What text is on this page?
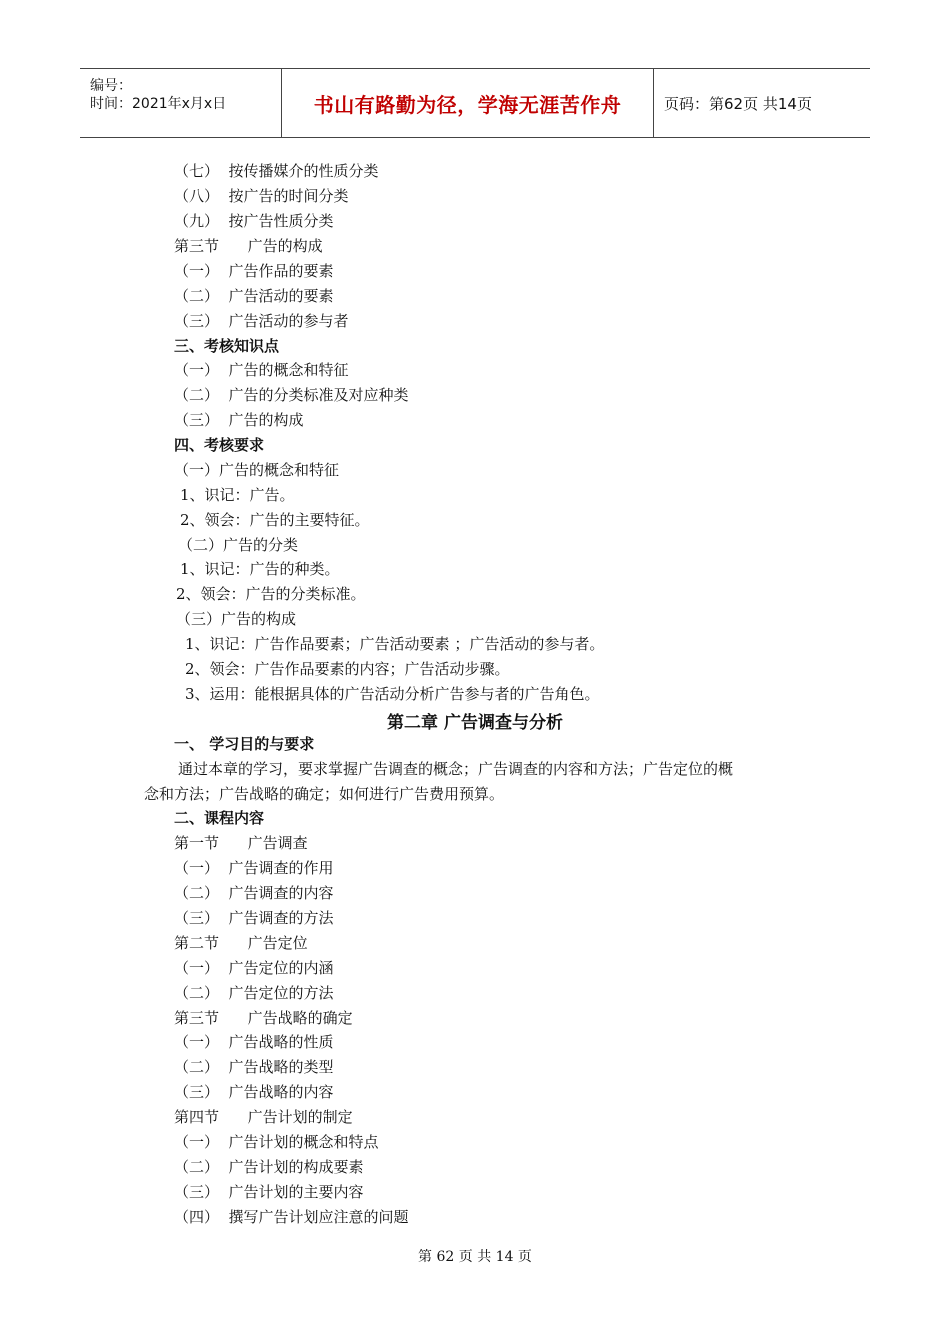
编号：
时间：2021年x月x日	书山有路勤为径，学海无涯苦作舟	页码：第62页 共14页
（七）  按传播媒介的性质分类
（八）  按广告的时间分类
（九）  按广告性质分类
第三节      广告的构成
（一）  广告作品的要素
（二）  广告活动的要素
（三）  广告活动的参与者
三、考核知识点
（一）  广告的概念和特征
（二）  广告的分类标准及对应种类
（三）  广告的构成
四、考核要求
（一）广告的概念和特征
1、识记：广告。
2、领会：广告的主要特征。
（二）广告的分类
1、识记：广告的种类。
2、领会：广告的分类标准。
（三）广告的构成
1、识记：广告作品要素；广告活动要素 ；广告活动的参与者。
2、领会：广告作品要素的内容；广告活动步骤。
3、运用：能根据具体的广告活动分析广告参与者的广告角色。
第二章 广告调查与分析
一、 学习目的与要求
通过本章的学习，要求掌握广告调查的概念；广告调查的内容和方法；广告定位的概
念和方法；广告战略的确定；如何进行广告费用预算。
二、课程内容
第一节      广告调查
（一）  广告调查的作用
（二）  广告调查的内容
（三）  广告调查的方法
第二节      广告定位
（一）  广告定位的内涵
（二）  广告定位的方法
第三节      广告战略的确定
（一）  广告战略的性质
（二）  广告战略的类型
（三）  广告战略的内容
第四节      广告计划的制定
（一）  广告计划的概念和特点
（二）  广告计划的构成要素
（三）  广告计划的主要内容
（四）  撰写广告计划应注意的问题
第 62 页 共 14 页
